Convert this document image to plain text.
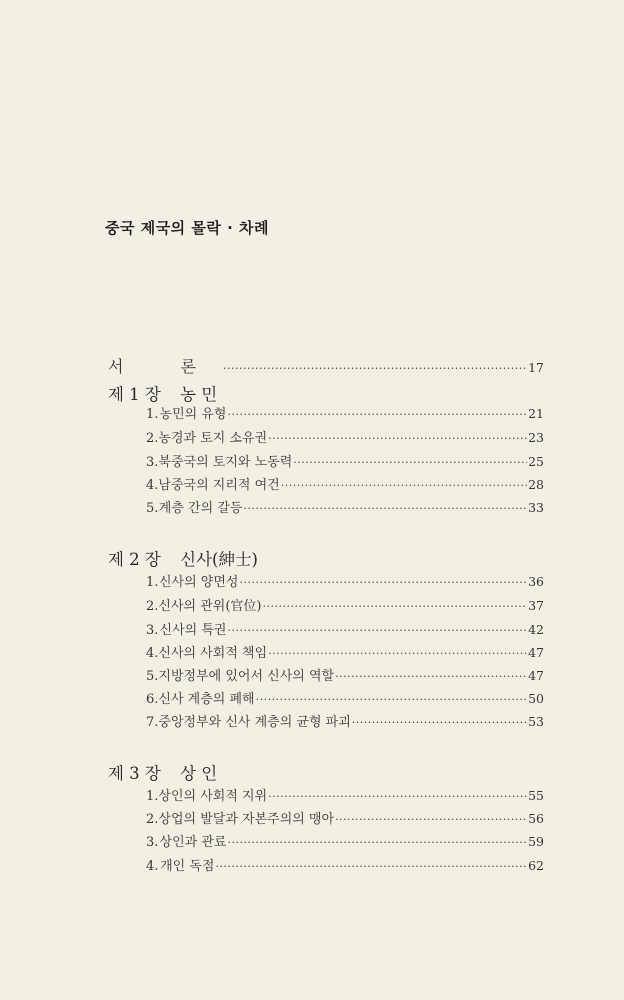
중국 제국의 몰락 · 차례
서 론 ·····	17
제 1 장 농 민
1. 농민의 유형 ·····	21
2. 농경과 토지 소유권 ·····	23
3. 북중국의 토지와 노동력 ·····	25
4. 남중국의 지리적 여건 ·····	28
5. 계층 간의 갈등 ·····	33
제 2 장 신사(紳士)
1. 신사의 양면성 ·····	36
2. 신사의 관위(官位) ·····	37
3. 신사의 특권 ·····	42
4. 신사의 사회적 책임 ·····	47
5. 지방정부에 있어서 신사의 역할 ·····	47
6. 신사 계층의 폐해 ·····	50
7. 중앙정부와 신사 계층의 균형 파괴 ·····	53
제 3 장 상 인
1. 상인의 사회적 지위 ·····	55
2. 상업의 발달과 자본주의의 맹아 ·····	56
3. 상인과 관료 ·····	59
4. 개인 독점 ·····	62
